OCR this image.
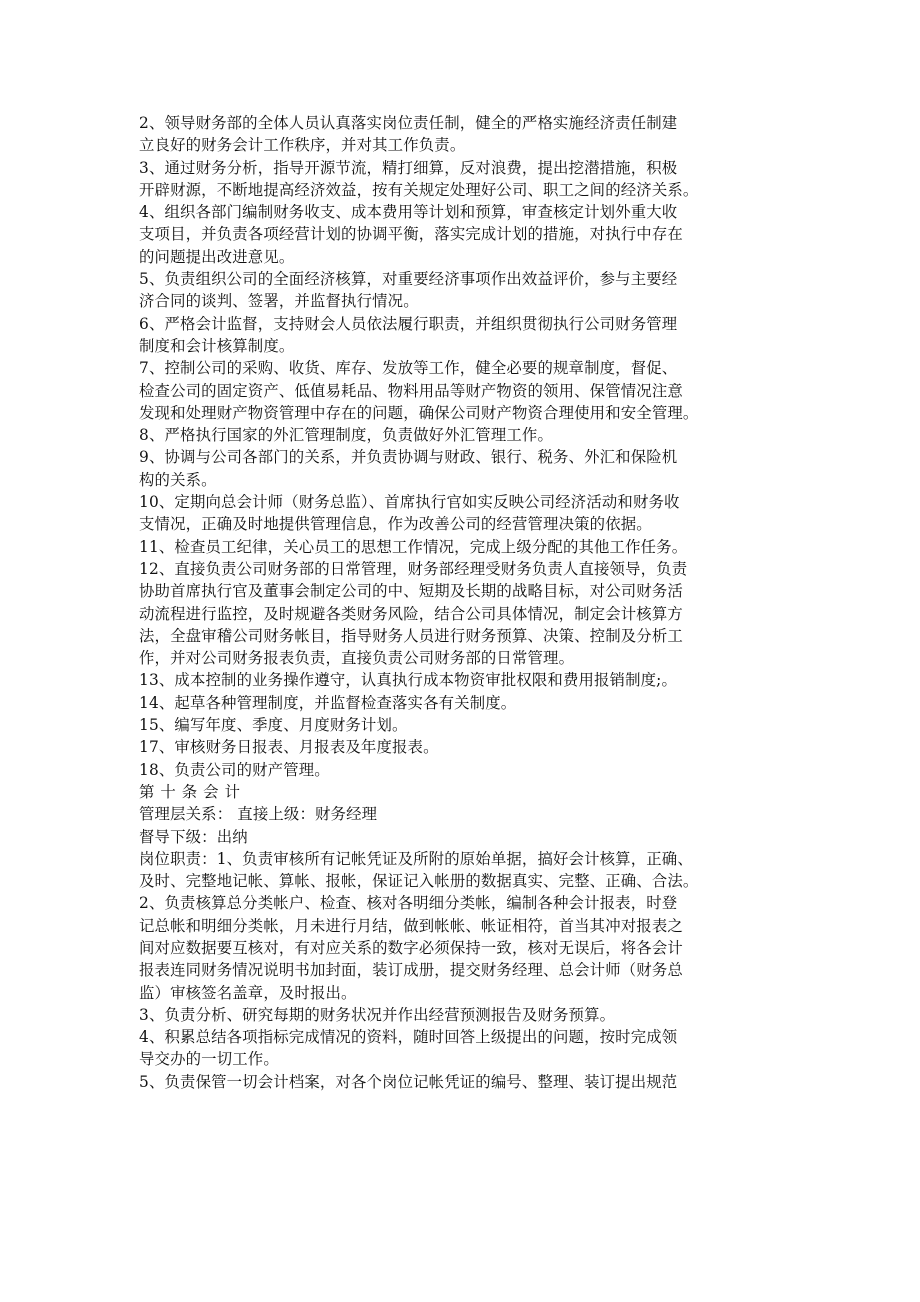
2、领导财务部的全体人员认真落实岗位责任制，健全的严格实施经济责任制建
立良好的财务会计工作秩序，并对其工作负责。
3、通过财务分析，指导开源节流，精打细算，反对浪费，提出挖潜措施，积极
开辟财源，不断地提高经济效益，按有关规定处理好公司、职工之间的经济关系。
4、组织各部门编制财务收支、成本费用等计划和预算，审查核定计划外重大收
支项目，并负责各项经营计划的协调平衡，落实完成计划的措施，对执行中存在
的问题提出改进意见。
5、负责组织公司的全面经济核算，对重要经济事项作出效益评价，参与主要经
济合同的谈判、签署，并监督执行情况。
6、严格会计监督，支持财会人员依法履行职责，并组织贯彻执行公司财务管理
制度和会计核算制度。
7、控制公司的采购、收货、库存、发放等工作，健全必要的规章制度，督促、
检查公司的固定资产、低值易耗品、物料用品等财产物资的领用、保管情况注意
发现和处理财产物资管理中存在的问题，确保公司财产物资合理使用和安全管理。
8、严格执行国家的外汇管理制度，负责做好外汇管理工作。
9、协调与公司各部门的关系，并负责协调与财政、银行、税务、外汇和保险机
构的关系。
10、定期向总会计师（财务总监）、首席执行官如实反映公司经济活动和财务收
支情况，正确及时地提供管理信息，作为改善公司的经营管理决策的依据。
11、检查员工纪律，关心员工的思想工作情况，完成上级分配的其他工作任务。
12、直接负责公司财务部的日常管理，财务部经理受财务负责人直接领导，负责
协助首席执行官及董事会制定公司的中、短期及长期的战略目标，对公司财务活
动流程进行监控，及时规避各类财务风险，结合公司具体情况，制定会计核算方
法，全盘审稽公司财务帐目，指导财务人员进行财务预算、决策、控制及分析工
作，并对公司财务报表负责，直接负责公司财务部的日常管理。
13、成本控制的业务操作遵守，认真执行成本物资审批权限和费用报销制度;。
14、起草各种管理制度，并监督检查落实各有关制度。
15、编写年度、季度、月度财务计划。
17、审核财务日报表、月报表及年度报表。
18、负责公司的财产管理。
第十条会计
管理层关系： 直接上级：财务经理
督导下级：出纳
岗位职责：1、负责审核所有记帐凭证及所附的原始单据，搞好会计核算，正确、
及时、完整地记帐、算帐、报帐，保证记入帐册的数据真实、完整、正确、合法。
2、负责核算总分类帐户、检查、核对各明细分类帐，编制各种会计报表，时登
记总帐和明细分类帐，月未进行月结，做到帐帐、帐证相符，首当其冲对报表之
间对应数据要互核对，有对应关系的数字必须保持一致，核对无误后，将各会计
报表连同财务情况说明书加封面，装订成册，提交财务经理、总会计师（财务总
监）审核签名盖章，及时报出。
3、负责分析、研究每期的财务状况并作出经营预测报告及财务预算。
4、积累总结各项指标完成情况的资料，随时回答上级提出的问题，按时完成领
导交办的一切工作。
5、负责保管一切会计档案，对各个岗位记帐凭证的编号、整理、装订提出规范
